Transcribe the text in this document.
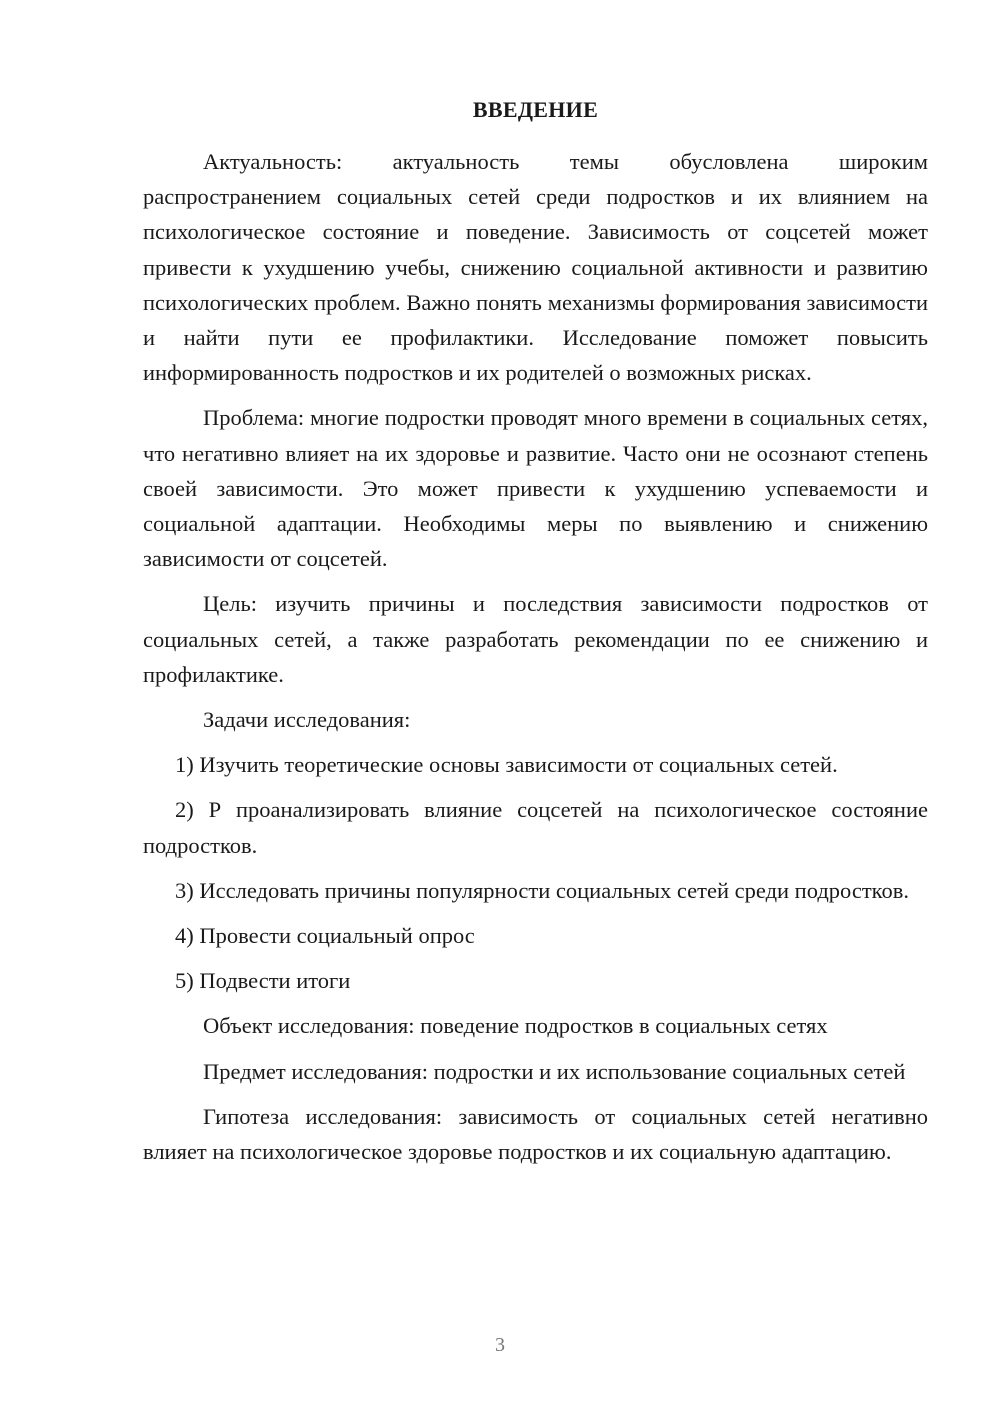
ВВЕДЕНИЕ

Актуальность: актуальность темы обусловлена широким распространением социальных сетей среди подростков и их влиянием на психологическое состояние и поведение. Зависимость от соцсетей может привести к ухудшению учебы, снижению социальной активности и развитию психологических проблем. Важно понять механизмы формирования зависимости и найти пути ее профилактики. Исследование поможет повысить информированность подростков и их родителей о возможных рисках.

Проблема: многие подростки проводят много времени в социальных сетях, что негативно влияет на их здоровье и развитие. Часто они не осознают степень своей зависимости. Это может привести к ухудшению успеваемости и социальной адаптации. Необходимы меры по выявлению и снижению зависимости от соцсетей.

Цель: изучить причины и последствия зависимости подростков от социальных сетей, а также разработать рекомендации по ее снижению и профилактике.

Задачи исследования:

1) Изучить теоретические основы зависимости от социальных сетей.

2) Р проанализировать влияние соцсетей на психологическое состояние подростков.

3) Исследовать причины популярности социальных сетей среди подростков.

4) Провести социальный опрос

5) Подвести итоги

Объект исследования: поведение подростков в социальных сетях

Предмет исследования: подростки и их использование социальных сетей

Гипотеза исследования: зависимость от социальных сетей негативно влияет на психологическое здоровье подростков и их социальную адаптацию.

3
